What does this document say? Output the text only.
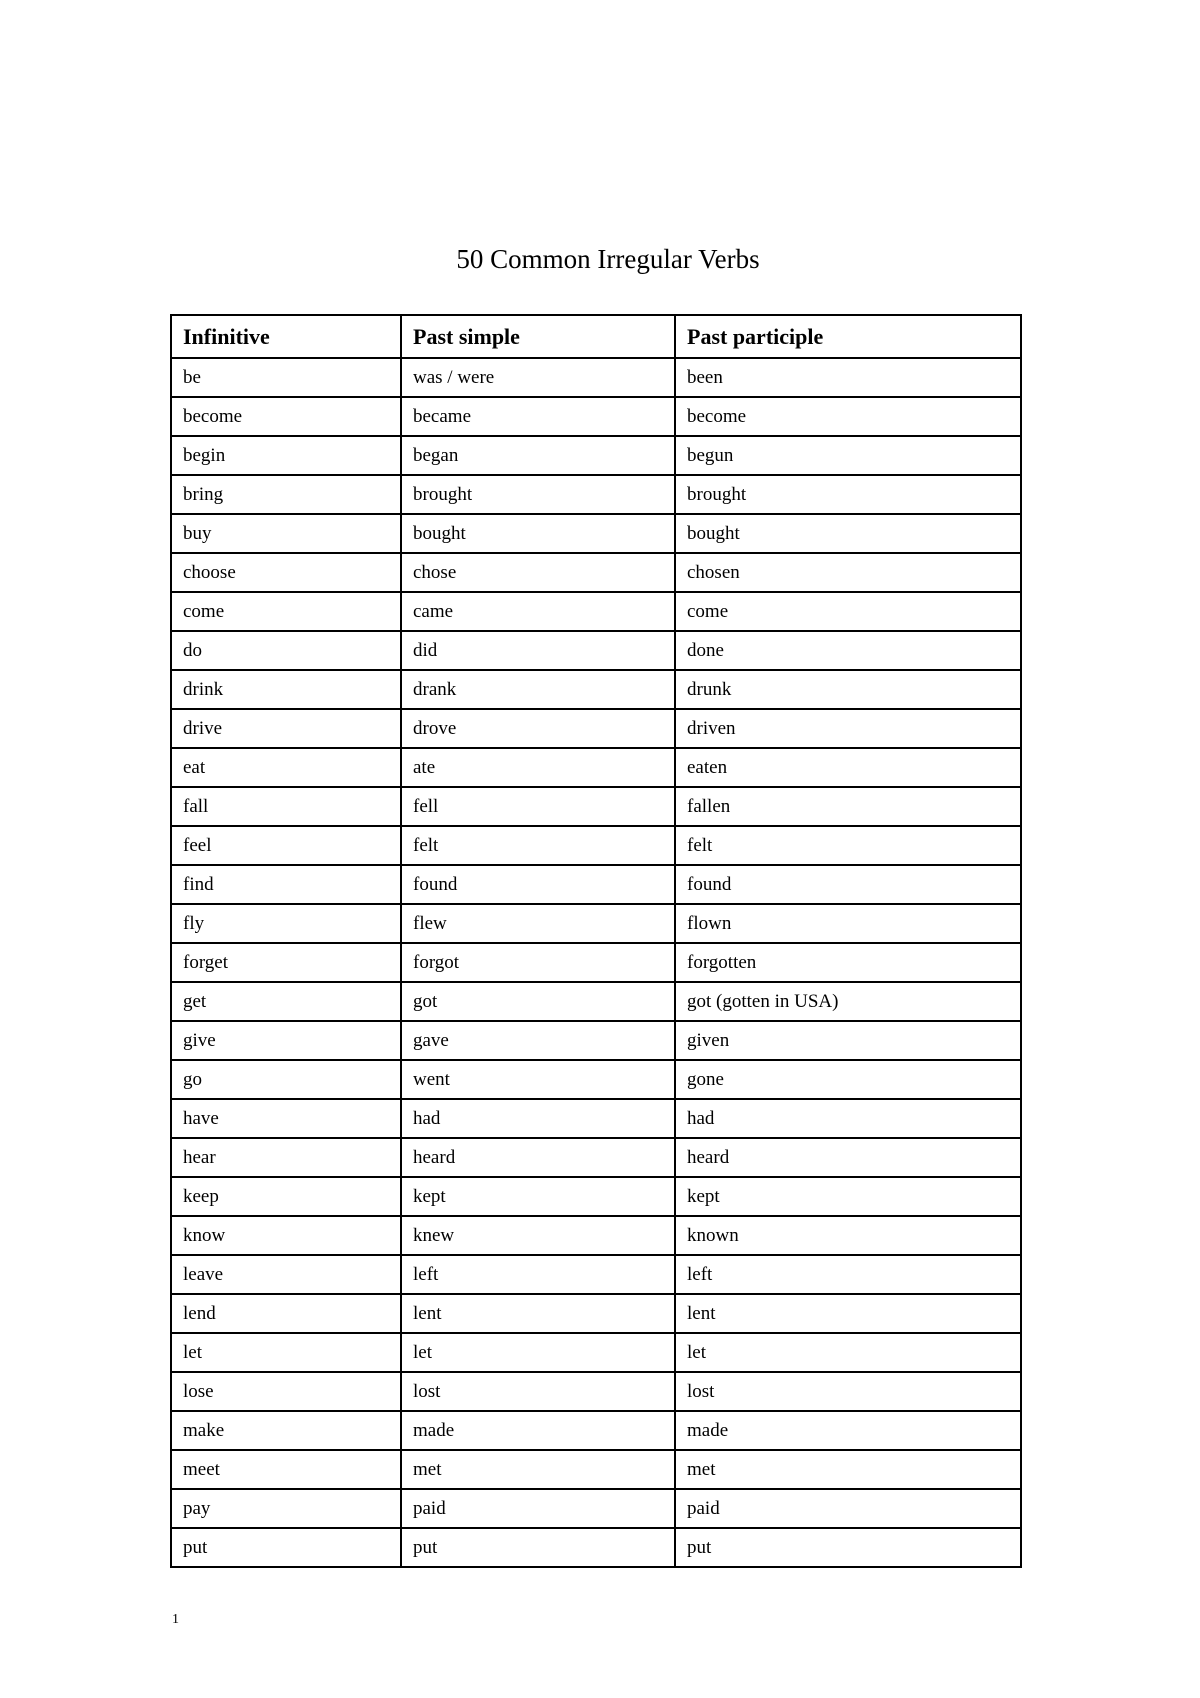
50 Common Irregular Verbs
Infinitive	Past simple	Past participle
be	was / were	been
become	became	become
begin	began	begun
bring	brought	brought
buy	bought	bought
choose	chose	chosen
come	came	come
do	did	done
drink	drank	drunk
drive	drove	driven
eat	ate	eaten
fall	fell	fallen
feel	felt	felt
find	found	found
fly	flew	flown
forget	forgot	forgotten
get	got	got (gotten in USA)
give	gave	given
go	went	gone
have	had	had
hear	heard	heard
keep	kept	kept
know	knew	known
leave	left	left
lend	lent	lent
let	let	let
lose	lost	lost
make	made	made
meet	met	met
pay	paid	paid
put	put	put
1
